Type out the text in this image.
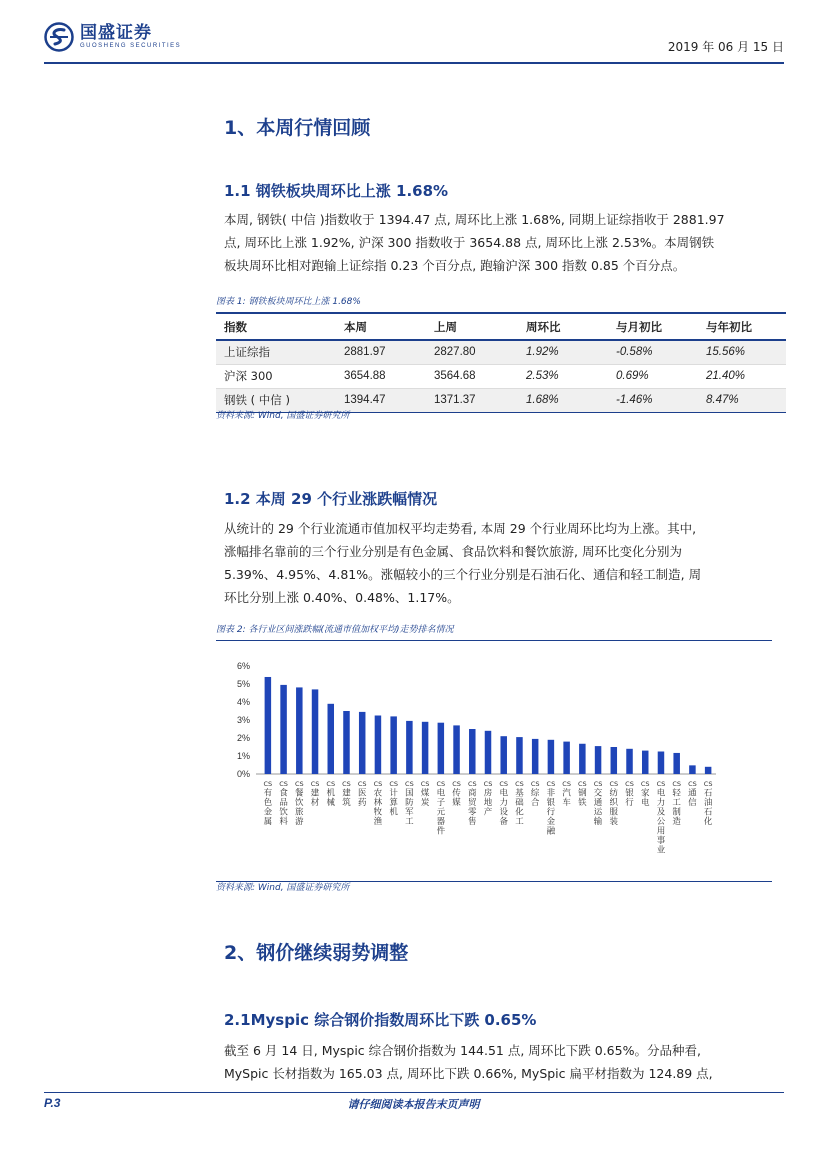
国盛证券
GUOSHENG SECURITIES	2019 年 06 月 15 日
1、本周行情回顾
1.1 钢铁板块周环比上涨 1.68%
本周, 钢铁( 中信 )指数收于 1394.47 点, 周环比上涨 1.68%, 同期上证综指收于 2881.97
点, 周环比上涨 1.92%, 沪深 300 指数收于 3654.88 点, 周环比上涨 2.53%。本周钢铁
板块周环比相对跑输上证综指 0.23 个百分点, 跑输沪深 300 指数 0.85 个百分点。
图表 1: 钢铁板块周环比上涨 1.68%
指数	本周	上周	周环比	与月初比	与年初比
上证综指	2881.97	2827.80	1.92%	-0.58%	15.56%
沪深 300	3654.88	3564.68	2.53%	0.69%	21.40%
钢铁 ( 中信 )	1394.47	1371.37	1.68%	-1.46%	8.47%
资料来源: Wind, 国盛证券研究所
1.2 本周 29 个行业涨跌幅情况
从统计的 29 个行业流通市值加权平均走势看, 本周 29 个行业周环比均为上涨。其中,
涨幅排名靠前的三个行业分别是有色金属、食品饮料和餐饮旅游, 周环比变化分别为
5.39%、4.95%、4.81%。涨幅较小的三个行业分别是石油石化、通信和轻工制造, 周
环比分别上涨 0.40%、0.48%、1.17%。
图表 2: 各行业区间涨跌幅(流通市值加权平均)走势排名情况
6%
5%
4%
3%
2%
1%
0%
CS 有色金属
CS 食品饮料
CS 餐饮旅游
CS 建材
CS 机械
CS 建筑
CS 医药
CS 农林牧渔
CS 计算机
CS 国防军工
CS 煤炭
CS 电子元器件
CS 传媒
CS 商贸零售
CS 房地产
CS 电力设备
CS 基础化工
CS 综合
CS 非银行金融
CS 汽车
CS 钢铁
CS 交通运输
CS 纺织服装
CS 银行
CS 家电
CS 电力及公用事业
CS 轻工制造
CS 通信
CS 石油石化
资料来源: Wind, 国盛证券研究所
2、钢价继续弱势调整
2.1Myspic 综合钢价指数周环比下跌 0.65%
截至 6 月 14 日, Myspic 综合钢价指数为 144.51 点, 周环比下跌 0.65%。分品种看,
MySpic 长材指数为 165.03 点, 周环比下跌 0.66%, MySpic 扁平材指数为 124.89 点,
P.3	请仔细阅读本报告末页声明
